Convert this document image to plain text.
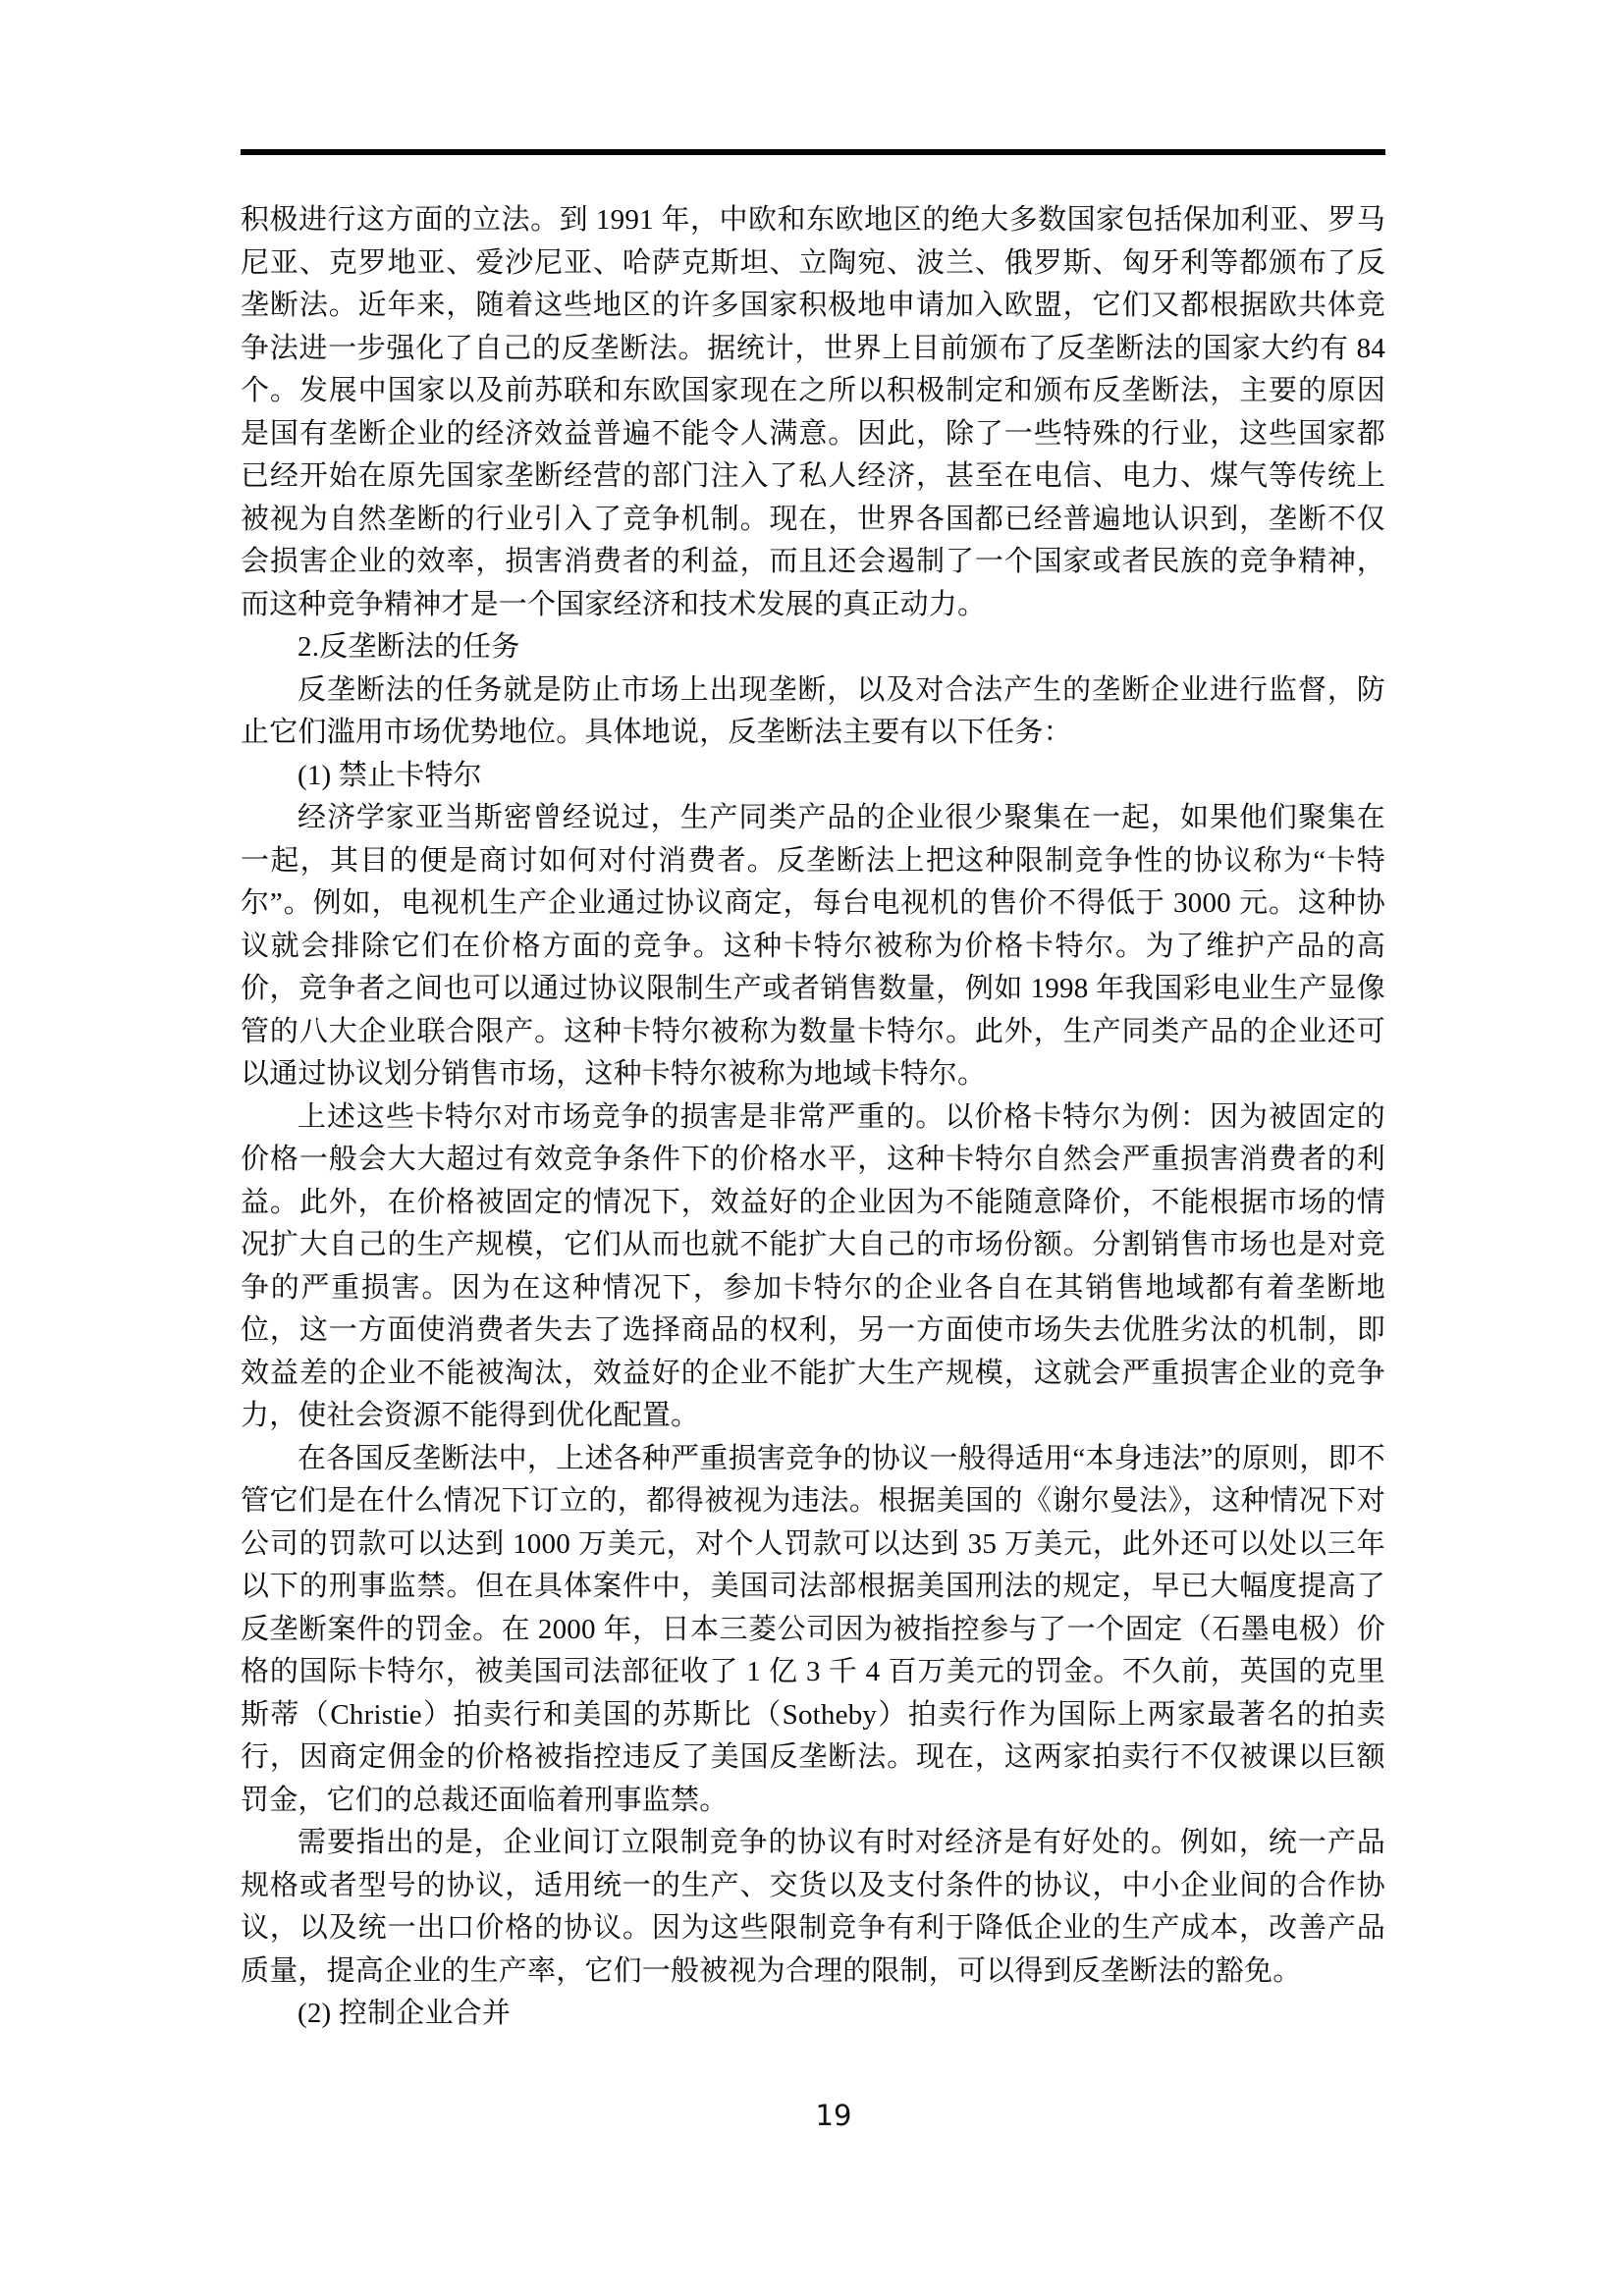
积极进行这方面的立法。到 1991 年，中欧和东欧地区的绝大多数国家包括保加利亚、罗马尼亚、克罗地亚、爱沙尼亚、哈萨克斯坦、立陶宛、波兰、俄罗斯、匈牙利等都颁布了反垄断法。近年来，随着这些地区的许多国家积极地申请加入欧盟，它们又都根据欧共体竞争法进一步强化了自己的反垄断法。据统计，世界上目前颁布了反垄断法的国家大约有 84 个。发展中国家以及前苏联和东欧国家现在之所以积极制定和颁布反垄断法，主要的原因是国有垄断企业的经济效益普遍不能令人满意。因此，除了一些特殊的行业，这些国家都已经开始在原先国家垄断经营的部门注入了私人经济，甚至在电信、电力、煤气等传统上被视为自然垄断的行业引入了竞争机制。现在，世界各国都已经普遍地认识到，垄断不仅会损害企业的效率，损害消费者的利益，而且还会遏制了一个国家或者民族的竞争精神，而这种竞争精神才是一个国家经济和技术发展的真正动力。

2.反垄断法的任务

反垄断法的任务就是防止市场上出现垄断，以及对合法产生的垄断企业进行监督，防止它们滥用市场优势地位。具体地说，反垄断法主要有以下任务：

(1) 禁止卡特尔

经济学家亚当斯密曾经说过，生产同类产品的企业很少聚集在一起，如果他们聚集在一起，其目的便是商讨如何对付消费者。反垄断法上把这种限制竞争性的协议称为“卡特尔”。例如，电视机生产企业通过协议商定，每台电视机的售价不得低于 3000 元。这种协议就会排除它们在价格方面的竞争。这种卡特尔被称为价格卡特尔。为了维护产品的高价，竞争者之间也可以通过协议限制生产或者销售数量，例如 1998 年我国彩电业生产显像管的八大企业联合限产。这种卡特尔被称为数量卡特尔。此外，生产同类产品的企业还可以通过协议划分销售市场，这种卡特尔被称为地域卡特尔。

上述这些卡特尔对市场竞争的损害是非常严重的。以价格卡特尔为例：因为被固定的价格一般会大大超过有效竞争条件下的价格水平，这种卡特尔自然会严重损害消费者的利益。此外，在价格被固定的情况下，效益好的企业因为不能随意降价，不能根据市场的情况扩大自己的生产规模，它们从而也就不能扩大自己的市场份额。分割销售市场也是对竞争的严重损害。因为在这种情况下，参加卡特尔的企业各自在其销售地域都有着垄断地位，这一方面使消费者失去了选择商品的权利，另一方面使市场失去优胜劣汰的机制，即效益差的企业不能被淘汰，效益好的企业不能扩大生产规模，这就会严重损害企业的竞争力，使社会资源不能得到优化配置。

在各国反垄断法中，上述各种严重损害竞争的协议一般得适用“本身违法”的原则，即不管它们是在什么情况下订立的，都得被视为违法。根据美国的《谢尔曼法》，这种情况下对公司的罚款可以达到 1000 万美元，对个人罚款可以达到 35 万美元，此外还可以处以三年以下的刑事监禁。但在具体案件中，美国司法部根据美国刑法的规定，早已大幅度提高了反垄断案件的罚金。在 2000 年，日本三菱公司因为被指控参与了一个固定（石墨电极）价格的国际卡特尔，被美国司法部征收了 1 亿 3 千 4 百万美元的罚金。不久前，英国的克里斯蒂（Christie）拍卖行和美国的苏斯比（Sotheby）拍卖行作为国际上两家最著名的拍卖行，因商定佣金的价格被指控违反了美国反垄断法。现在，这两家拍卖行不仅被课以巨额罚金，它们的总裁还面临着刑事监禁。

需要指出的是，企业间订立限制竞争的协议有时对经济是有好处的。例如，统一产品规格或者型号的协议，适用统一的生产、交货以及支付条件的协议，中小企业间的合作协议，以及统一出口价格的协议。因为这些限制竞争有利于降低企业的生产成本，改善产品质量，提高企业的生产率，它们一般被视为合理的限制，可以得到反垄断法的豁免。

(2) 控制企业合并

19
